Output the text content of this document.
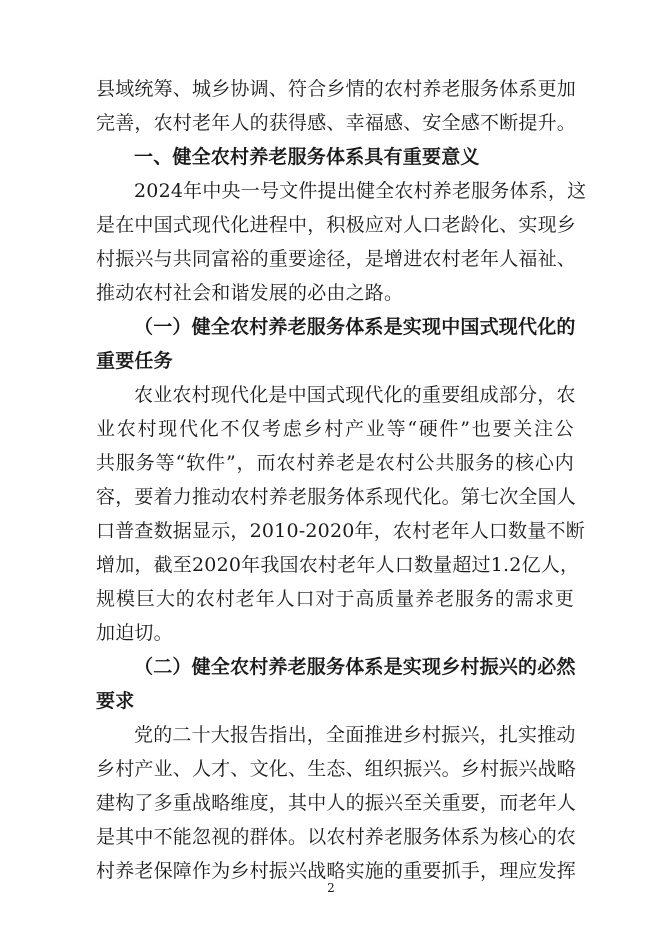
县域统筹、城乡协调、符合乡情的农村养老服务体系更加
完善，农村老年人的获得感、幸福感、安全感不断提升。
一、健全农村养老服务体系具有重要意义
2024年中央一号文件提出健全农村养老服务体系，这
是在中国式现代化进程中，积极应对人口老龄化、实现乡
村振兴与共同富裕的重要途径，是增进农村老年人福祉、
推动农村社会和谐发展的必由之路。
（一）健全农村养老服务体系是实现中国式现代化的
重要任务
农业农村现代化是中国式现代化的重要组成部分，农
业农村现代化不仅考虑乡村产业等“硬件”也要关注公
共服务等“软件”，而农村养老是农村公共服务的核心内
容，要着力推动农村养老服务体系现代化。第七次全国人
口普查数据显示，2010-2020年，农村老年人口数量不断
增加，截至2020年我国农村老年人口数量超过1.2亿人，
规模巨大的农村老年人口对于高质量养老服务的需求更
加迫切。
（二）健全农村养老服务体系是实现乡村振兴的必然
要求
党的二十大报告指出，全面推进乡村振兴，扎实推动
乡村产业、人才、文化、生态、组织振兴。乡村振兴战略
建构了多重战略维度，其中人的振兴至关重要，而老年人
是其中不能忽视的群体。以农村养老服务体系为核心的农
村养老保障作为乡村振兴战略实施的重要抓手，理应发挥
2
